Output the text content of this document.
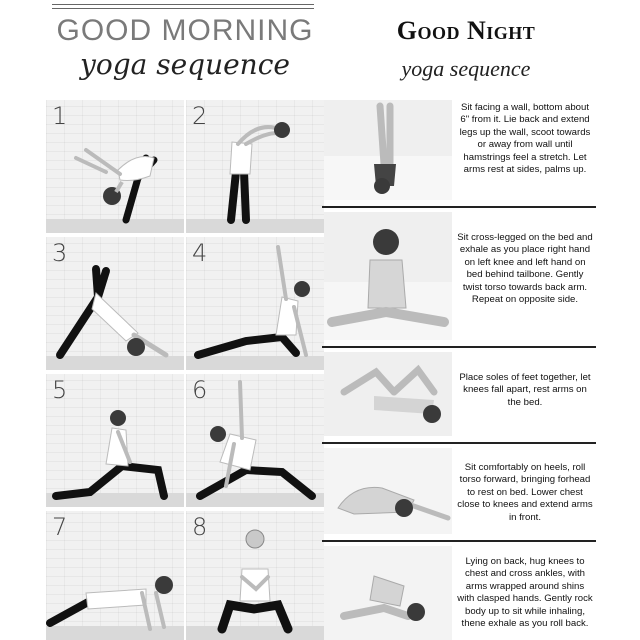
GOOD MORNING
yoga sequence
Good Night
yoga sequence
1	2
3	4
5	6
7	8
Sit facing a wall, bottom about 6" from it. Lie back and extend legs up the wall, scoot towards or away from wall until hamstrings feel a stretch. Let arms rest at sides, palms up.
Sit cross-legged on the bed and exhale as you place right hand on left knee and left hand on bed behind tailbone. Gently twist torso towards back arm. Repeat on opposite side.
Place soles of feet together, let knees fall apart, rest arms on the bed.
Sit comfortably on heels, roll torso forward, bringing forhead to rest on bed. Lower chest close to knees and extend arms in front.
Lying on back, hug knees to chest and cross ankles, with arms wrapped around shins with clasped hands. Gently rock body up to sit while inhaling, thene exhale as you roll back.
